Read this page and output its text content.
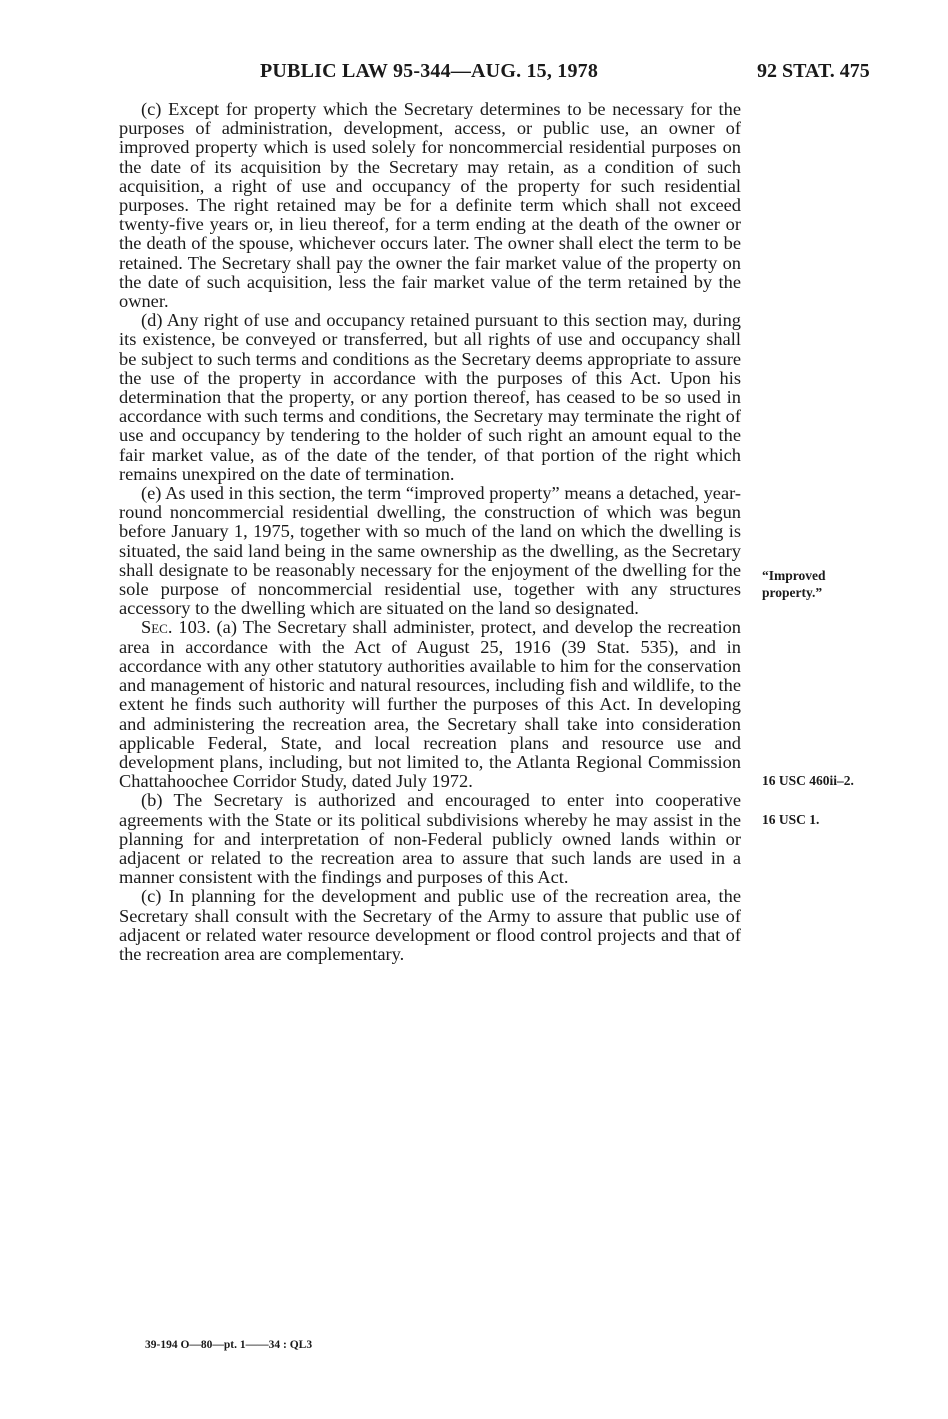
PUBLIC LAW 95-344—AUG. 15, 1978	92 STAT. 475

(c) Except for property which the Secretary determines to be necessary for the purposes of administration, development, access, or public use, an owner of improved property which is used solely for noncommercial residential purposes on the date of its acquisition by the Secretary may retain, as a condition of such acquisition, a right of use and occupancy of the property for such residential purposes. The right retained may be for a definite term which shall not exceed twenty-five years or, in lieu thereof, for a term ending at the death of the owner or the death of the spouse, whichever occurs later. The owner shall elect the term to be retained. The Secretary shall pay the owner the fair market value of the property on the date of such acquisition, less the fair market value of the term retained by the owner.

(d) Any right of use and occupancy retained pursuant to this section may, during its existence, be conveyed or transferred, but all rights of use and occupancy shall be subject to such terms and conditions as the Secretary deems appropriate to assure the use of the property in accordance with the purposes of this Act. Upon his determination that the property, or any portion thereof, has ceased to be so used in accordance with such terms and conditions, the Secretary may terminate the right of use and occupancy by tendering to the holder of such right an amount equal to the fair market value, as of the date of the tender, of that portion of the right which remains unexpired on the date of termination.

(e) As used in this section, the term “improved property” means a detached, year-round noncommercial residential dwelling, the construction of which was begun before January 1, 1975, together with so much of the land on which the dwelling is situated, the said land being in the same ownership as the dwelling, as the Secretary shall designate to be reasonably necessary for the enjoyment of the dwelling for the sole purpose of noncommercial residential use, together with any structures accessory to the dwelling which are situated on the land so designated.

Sec. 103. (a) The Secretary shall administer, protect, and develop the recreation area in accordance with the Act of August 25, 1916 (39 Stat. 535), and in accordance with any other statutory authorities available to him for the conservation and management of historic and natural resources, including fish and wildlife, to the extent he finds such authority will further the purposes of this Act. In developing and administering the recreation area, the Secretary shall take into consideration applicable Federal, State, and local recreation plans and resource use and development plans, including, but not limited to, the Atlanta Regional Commission Chattahoochee Corridor Study, dated July 1972.

(b) The Secretary is authorized and encouraged to enter into cooperative agreements with the State or its political subdivisions whereby he may assist in the planning for and interpretation of non-Federal publicly owned lands within or adjacent or related to the recreation area to assure that such lands are used in a manner consistent with the findings and purposes of this Act.

(c) In planning for the development and public use of the recreation area, the Secretary shall consult with the Secretary of the Army to assure that public use of adjacent or related water resource development or flood control projects and that of the recreation area are complementary.

“Improved
property.”
16 USC 460ii–2.
16 USC 1.
39-194 O—80—pt. 1——34 : QL3
